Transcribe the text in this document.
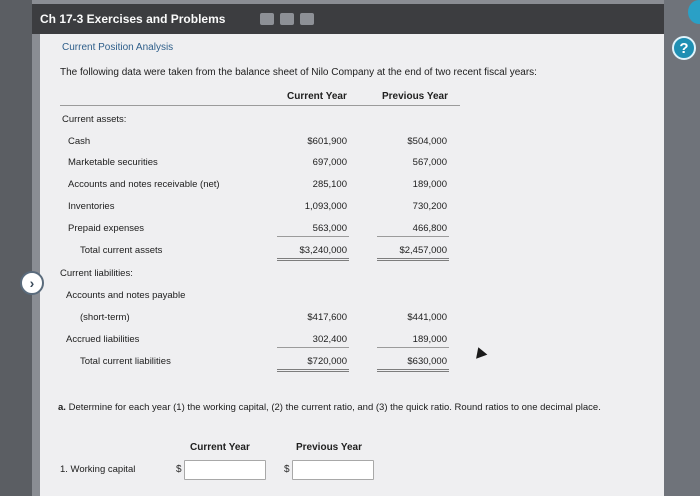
?
Ch 17-3 Exercises and Problems
Current Position Analysis
The following data were taken from the balance sheet of Nilo Company at the end of two recent fiscal years:
Current Year	Previous Year
Current assets:
Cash	$601,900	$504,000
Marketable securities	697,000	567,000
Accounts and notes receivable (net)	285,100	189,000
Inventories	1,093,000	730,200
Prepaid expenses	563,000	466,800
Total current assets	$3,240,000	$2,457,000
Current liabilities:
Accounts and notes payable
(short-term)	$417,600	$441,000
Accrued liabilities	302,400	189,000
Total current liabilities	$720,000	$630,000
a. Determine for each year (1) the working capital, (2) the current ratio, and (3) the quick ratio. Round ratios to one decimal place.
Current Year	Previous Year
1. Working capital	$	$
›
